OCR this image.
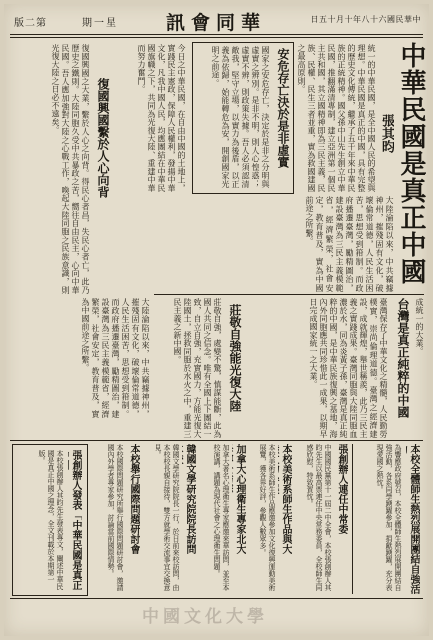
版二第	期一星	訊會同華	日五十月十年八十六國民華中
中華民國是真正中國
張其昀
統一的中華民國，是全中國人民的希望與理想。中華民國是真正的中國，具有完整的歷史文化傳統，繼承了五千年來中華民族的正統精神。國父孫中山先生創立中華民國，推翻滿清專制，建立亞洲第一個民主共和國，其立國精神即為三民主義，民族、民權、民生三者並重，實為救國建國之最高原則。
大陸淪陷以來，中共竊據神州，摧殘固有文化，破壞倫常道德，人民生活困苦，思想受到箝制。而政府播遷臺灣，勵精圖治，建設臺灣為三民主義模範省，經濟繁榮，社會安定，教育普及，實為中國前途之所繫。
安危存亡決於是非虛實
國家之安危存亡，決定於是非之分明與虛實之辨別。是非不明，則人心惶惑；虛實不辨，則政策失據。吾人必須認清敵我，堅守立場，以實力為後盾，以正義為依歸，始能轉危為安，開創國家光明之前途。
今日之中華民國，在自由中國的土地上，實踐民主憲政，保障人民權利，發揚中華文化，凡我中國人民，均應團結在中華民國旗幟之下，共同為光復大陸、重建中華而努力奮鬥。
復國興國繫於人心向背
復國興國之大業，繫於人心之向背。得民心者昌，失民心者亡，此乃歷史之鐵則。大陸同胞久受中共暴政之苦，嚮往自由民主，心向中華民國。吾人應加強對大陸之心戰工作，喚起大陸同胞之民族意識，則光復大陸之日必不遠矣。
成統一的大業。
台灣是真正純粹的中國
臺灣保存了中華文化之精髓，人民勤勞樸實，崇尚倫理道德。臺灣之經濟建設，成就輝煌，舉世稱羨，此乃三民主義之實踐成果。臺灣同胞與大陸同胞血濃於水，同為炎黃子孫，臺灣是真正純粹的中國，是中華民族復興之基地，海內外同胞應共同珍惜此一成果，以期早日完成國家統一之大業。
莊敬自強能光復大陸
莊敬自強，處變不驚，慎謀能斷，此為國人共同之信念。唯有全國上下團結一致，自立自強，充實國力，方能光復大陸國土，拯救同胞於水火之中，重建三民主義之新中國。
大陸淪陷以來，中共竊據神州，摧殘固有文化，破壞倫常道德，人民生活困苦，思想受到箝制。而政府播遷臺灣，勵精圖治，建設臺灣為三民主義模範省，經濟繁榮，社會安定，教育普及，實為中國前途之所繫。
本校全體師生熱烈展開團結自強活
為響應政府號召，本校全體師生熱烈展開團結自強活動，各系同學踴躍參加，捐獻踴躍，充分表現愛國之熱忱。
張創辦人連任中常委
中國國民黨第十一屆二中全會，本校張創辦人其昀先生以最高票連任中央常務委員，全校師生同感欣慰，特致賀忱。
本校美術系師生作品與大
本校美術系師生作品應邀參加文化復興運動美術展覽，獲各界好評，參觀人數眾多。
加拿大心理衛生專家北大
加拿大著名心理衛生專家應邀來華訪問，並至本校演講，講題為現代社會之心理衛生問題。
韓國文學研究院院長訪問
韓國文學研究院院長一行，於日前來校訪問，由本校校長親自接待，雙方就學術交流事宜交換意見。
本校舉行國際問題研討會
本校國際問題研究所舉行國際問題研討會，邀請國內外學者專家參加，討論當前國際情勢。
張創辦人發表「中華民國是真正
本校張創辦人其昀先生發表專文，闡述中華民國是真正中國之理念，全文刊載於本期第一版。
中國文化大學
